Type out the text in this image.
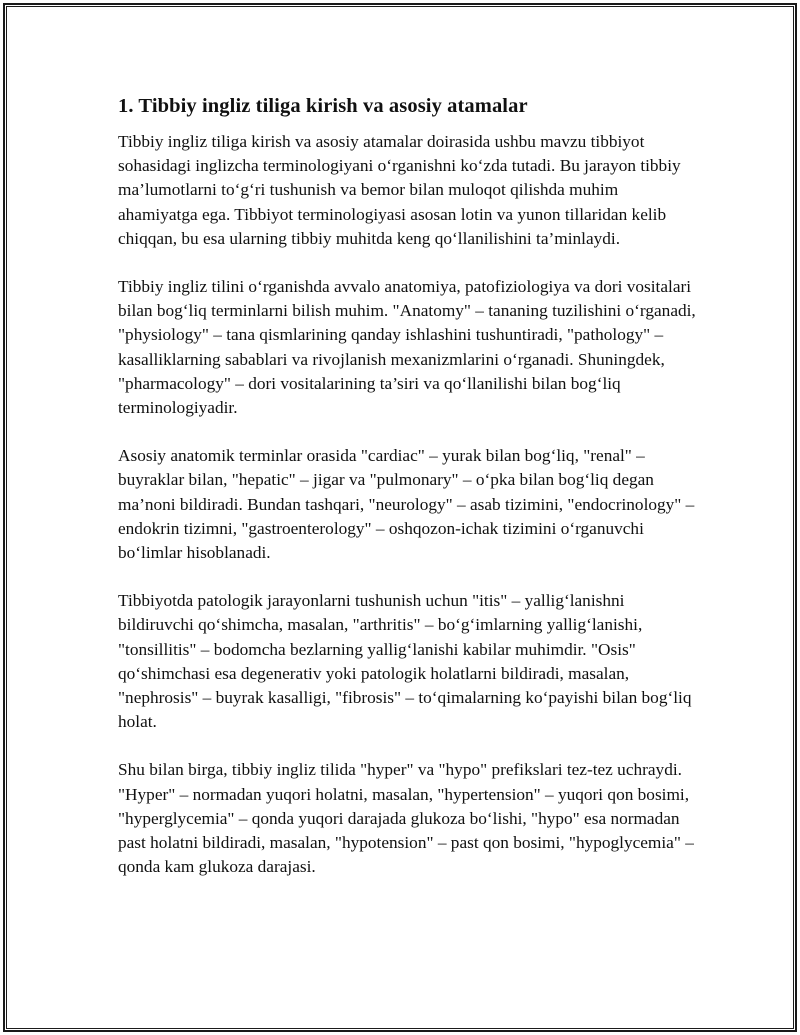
1. Tibbiy ingliz tiliga kirish va asosiy atamalar

Tibbiy ingliz tiliga kirish va asosiy atamalar doirasida ushbu mavzu tibbiyot sohasidagi inglizcha terminologiyani o‘rganishni ko‘zda tutadi. Bu jarayon tibbiy ma’lumotlarni to‘g‘ri tushunish va bemor bilan muloqot qilishda muhim ahamiyatga ega. Tibbiyot terminologiyasi asosan lotin va yunon tillaridan kelib chiqqan, bu esa ularning tibbiy muhitda keng qo‘llanilishini ta’minlaydi.

Tibbiy ingliz tilini o‘rganishda avvalo anatomiya, patofiziologiya va dori vositalari bilan bog‘liq terminlarni bilish muhim. "Anatomy" – tananing tuzilishini o‘rganadi, "physiology" – tana qismlarining qanday ishlashini tushuntiradi, "pathology" – kasalliklarning sabablari va rivojlanish mexanizmlarini o‘rganadi. Shuningdek, "pharmacology" – dori vositalarining ta’siri va qo‘llanilishi bilan bog‘liq terminologiyadir.

Asosiy anatomik terminlar orasida "cardiac" – yurak bilan bog‘liq, "renal" – buyraklar bilan, "hepatic" – jigar va "pulmonary" – o‘pka bilan bog‘liq degan ma’noni bildiradi. Bundan tashqari, "neurology" – asab tizimini, "endocrinology" – endokrin tizimni, "gastroenterology" – oshqozon-ichak tizimini o‘rganuvchi bo‘limlar hisoblanadi.

Tibbiyotda patologik jarayonlarni tushunish uchun "itis" – yallig‘lanishni bildiruvchi qo‘shimcha, masalan, "arthritis" – bo‘g‘imlarning yallig‘lanishi, "tonsillitis" – bodomcha bezlarning yallig‘lanishi kabilar muhimdir. "Osis" qo‘shimchasi esa degenerativ yoki patologik holatlarni bildiradi, masalan, "nephrosis" – buyrak kasalligi, "fibrosis" – to‘qimalarning ko‘payishi bilan bog‘liq holat.

Shu bilan birga, tibbiy ingliz tilida "hyper" va "hypo" prefikslari tez-tez uchraydi. "Hyper" – normadan yuqori holatni, masalan, "hypertension" – yuqori qon bosimi, "hyperglycemia" – qonda yuqori darajada glukoza bo‘lishi, "hypo" esa normadan past holatni bildiradi, masalan, "hypotension" – past qon bosimi, "hypoglycemia" – qonda kam glukoza darajasi.
